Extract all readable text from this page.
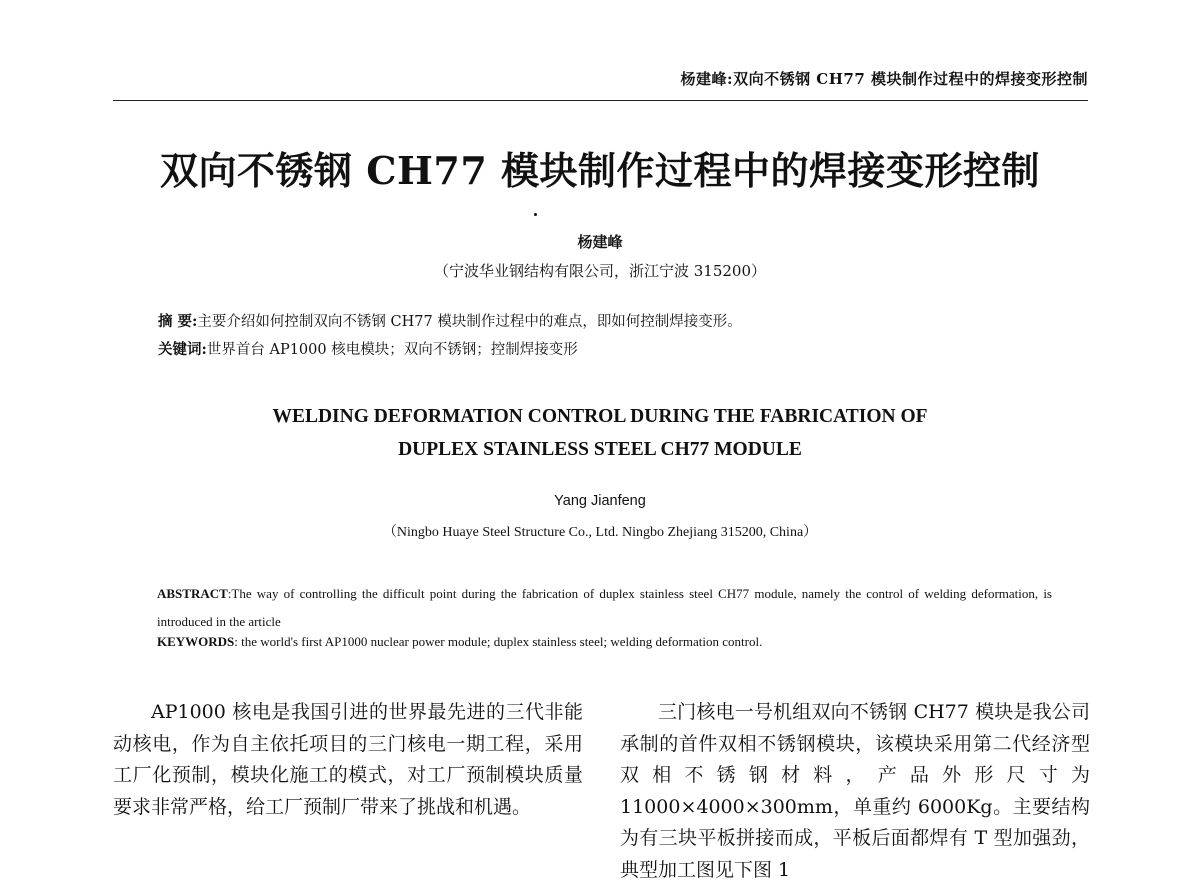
杨建峰:双向不锈钢 CH77 模块制作过程中的焊接变形控制
双向不锈钢 CH77 模块制作过程中的焊接变形控制
杨建峰
（宁波华业钢结构有限公司，浙江宁波 315200）
摘 要:主要介绍如何控制双向不锈钢 CH77 模块制作过程中的难点，即如何控制焊接变形。
关键词:世界首台 AP1000 核电模块；双向不锈钢；控制焊接变形
WELDING DEFORMATION CONTROL DURING THE FABRICATION OF
DUPLEX STAINLESS STEEL CH77 MODULE
Yang Jianfeng
（Ningbo Huaye Steel Structure Co., Ltd. Ningbo Zhejiang 315200, China）
ABSTRACT:The way of controlling the difficult point during the fabrication of duplex stainless steel CH77 module, namely the control of welding deformation, is introduced in the article
KEYWORDS: the world's first AP1000 nuclear power module; duplex stainless steel; welding deformation control.

AP1000 核电是我国引进的世界最先进的三代非能动核电，作为自主依托项目的三门核电一期工程，采用工厂化预制，模块化施工的模式，对工厂预制模块质量要求非常严格，给工厂预制厂带来了挑战和机遇。

三门核电一号机组双向不锈钢 CH77 模块是我公司承制的首件双相不锈钢模块，该模块采用第二代经济型双相不锈钢材料，产品外形尺寸为 11000×4000×300mm，单重约 6000Kg。主要结构为有三块平板拼接而成，平板后面都焊有 T 型加强劲，典型加工图见下图 1
